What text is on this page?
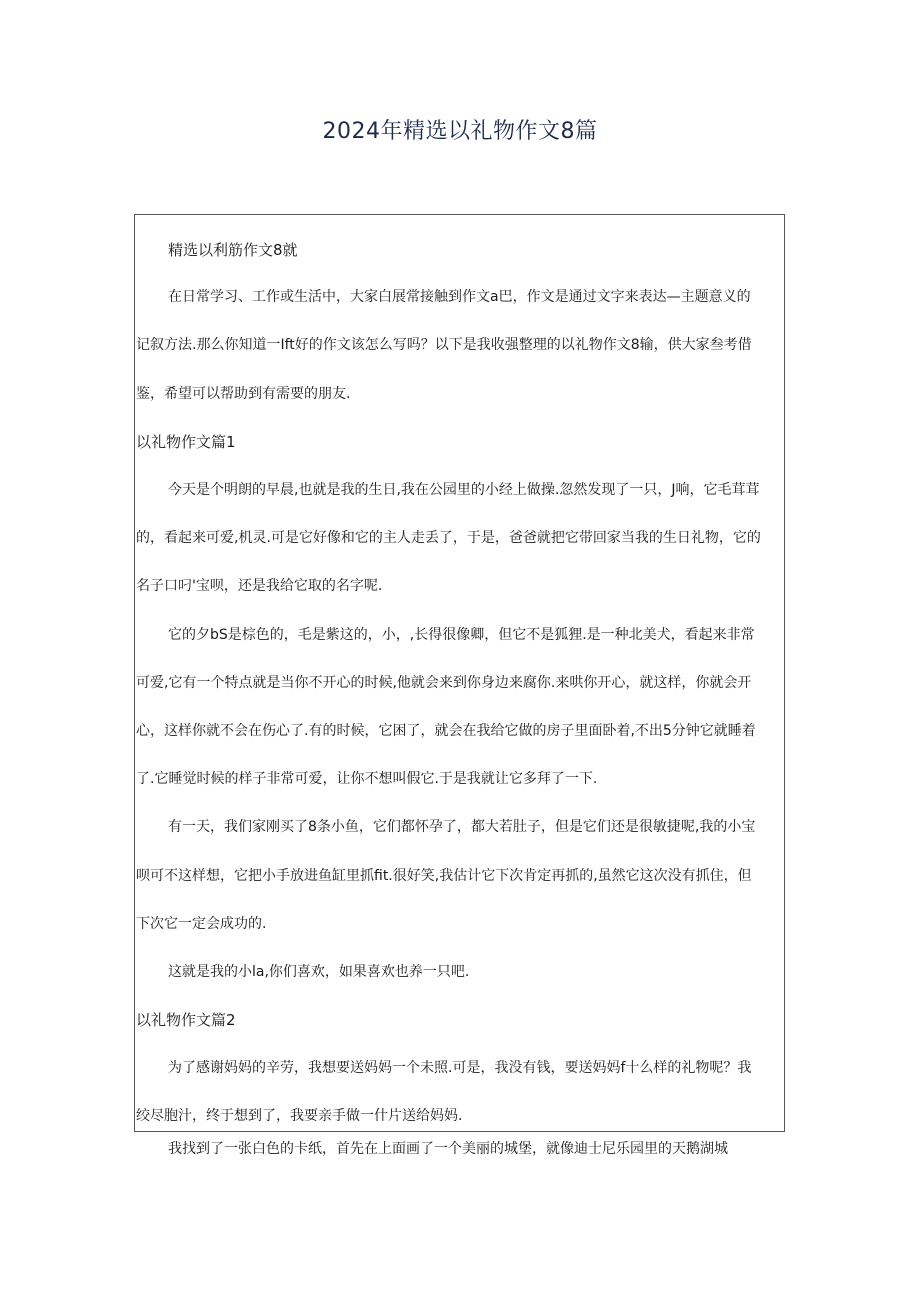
2024年精选以礼物作文8篇
精选以利筋作文8就
在日常学习、工作或生活中，大家白展常接触到作文a巴，作文是通过文字来表达—主题意义的
记叙方法.那么你知道一Ift好的作文该怎么写吗？以下是我收强整理的以礼物作文8输，供大家叁考借
鉴，希望可以帮助到有需要的朋友.
以礼物作文篇1
今天是个明朗的早晨,也就是我的生日,我在公园里的小经上做操.忽然发现了一只，J响，它毛茸茸
的，看起来可爱,机灵.可是它好像和它的主人走丢了，于是，爸爸就把它带回家当我的生日礼物，它的
名子口叼'宝呗，还是我给它取的名字呢.
它的夕bS是棕色的，毛是紫这的，小，,长得很像卿，但它不是狐狸.是一种北美犬，看起来非常
可爱,它有一个特点就是当你不开心的时候,他就会来到你身边来腐你.来哄你开心，就这样，你就会开
心，这样你就不会在伤心了.有的时候，它困了，就会在我给它做的房子里面卧着,不出5分钟它就睡着
了.它睡觉时候的样子非常可爱，让你不想叫假它.于是我就让它多拜了一下.
有一天，我们家刚买了8条小鱼，它们都怀孕了，都大若肚子，但是它们还是很敏捷呢,我的小宝
呗可不这样想，它把小手放进鱼缸里抓fit.很好笑,我估计它下次肯定再抓的,虽然它这次没有抓住，但
下次它一定会成功的.
这就是我的小la,你们喜欢，如果喜欢也养一只吧.
以礼物作文篇2
为了感谢妈妈的辛劳，我想要送妈妈一个未照.可是，我没有钱，要送妈妈f十么样的礼物呢？我
绞尽胞汁，终于想到了，我要亲手做一什片送给妈妈.
我找到了一张白色的卡纸，首先在上面画了一个美丽的城堡，就像迪士尼乐园里的天鹅湖城
